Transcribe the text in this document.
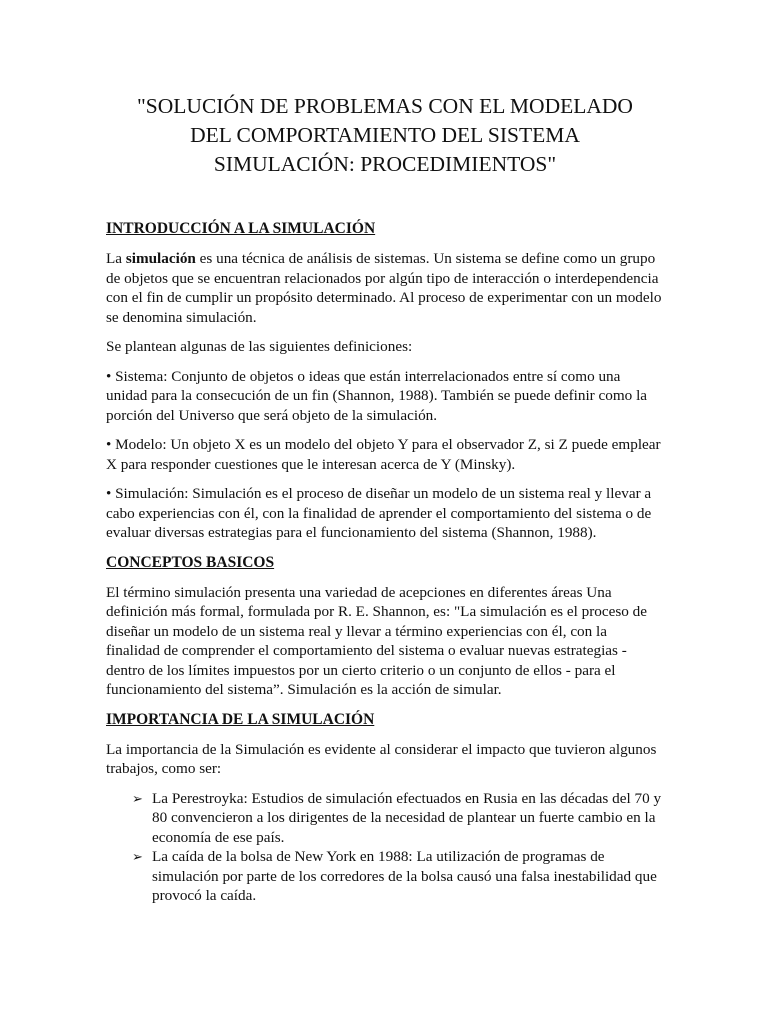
"SOLUCIÓN DE PROBLEMAS CON EL MODELADO
DEL COMPORTAMIENTO DEL SISTEMA
SIMULACIÓN: PROCEDIMIENTOS"
INTRODUCCIÓN A LA SIMULACIÓN

La simulación es una técnica de análisis de sistemas. Un sistema se define como un grupo de objetos que se encuentran relacionados por algún tipo de interacción o interdependencia con el fin de cumplir un propósito determinado. Al proceso de experimentar con un modelo se denomina simulación.

Se plantean algunas de las siguientes definiciones:

• Sistema: Conjunto de objetos o ideas que están interrelacionados entre sí como una unidad para la consecución de un fin (Shannon, 1988). También se puede definir como la porción del Universo que será objeto de la simulación.

• Modelo: Un objeto X es un modelo del objeto Y para el observador Z, si Z puede emplear X para responder cuestiones que le interesan acerca de Y (Minsky).

• Simulación: Simulación es el proceso de diseñar un modelo de un sistema real y llevar a cabo experiencias con él, con la finalidad de aprender el comportamiento del sistema o de evaluar diversas estrategias para el funcionamiento del sistema (Shannon, 1988).

CONCEPTOS BASICOS

El término simulación presenta una variedad de acepciones en diferentes áreas Una definición más formal, formulada por R. E. Shannon, es: "La simulación es el proceso de diseñar un modelo de un sistema real y llevar a término experiencias con él, con la finalidad de comprender el comportamiento del sistema o evaluar nuevas estrategias -dentro de los límites impuestos por un cierto criterio o un conjunto de ellos - para el funcionamiento del sistema”. Simulación es la acción de simular.

IMPORTANCIA DE LA SIMULACIÓN

La importancia de la Simulación es evidente al considerar el impacto que tuvieron algunos trabajos, como ser:

➢ La Perestroyka: Estudios de simulación efectuados en Rusia en las décadas del 70 y 80 convencieron a los dirigentes de la necesidad de plantear un fuerte cambio en la economía de ese país.
➢ La caída de la bolsa de New York en 1988: La utilización de programas de simulación por parte de los corredores de la bolsa causó una falsa inestabilidad que provocó la caída.
